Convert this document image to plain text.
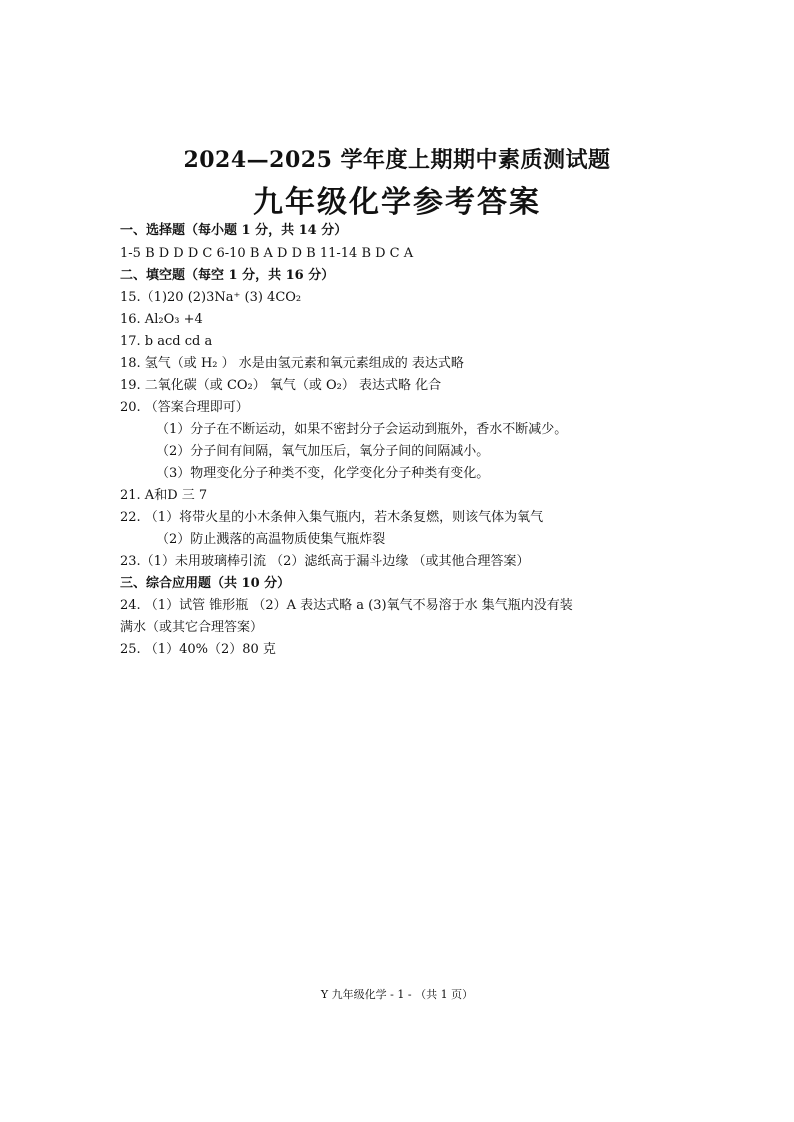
2024—2025 学年度上期期中素质测试题
九年级化学参考答案
一、选择题（每小题 1 分，共 14 分）
1-5 B D D D C 6-10 B A D D B 11-14 B D C A
二、填空题（每空 1 分，共 16 分）
15.（1)20 (2)3Na⁺ (3) 4CO₂
16. Al₂O₃ +4
17. b acd cd a
18. 氢气（或 H₂ ） 水是由氢元素和氧元素组成的 表达式略
19. 二氧化碳（或 CO₂） 氧气（或 O₂） 表达式略 化合
20. （答案合理即可）
（1）分子在不断运动，如果不密封分子会运动到瓶外，香水不断减少。
（2）分子间有间隔，氧气加压后，氧分子间的间隔减小。
（3）物理变化分子种类不变，化学变化分子种类有变化。
21. A和D 三 7
22. （1）将带火星的小木条伸入集气瓶内，若木条复燃，则该气体为氧气
（2）防止溅落的高温物质使集气瓶炸裂
23.（1）未用玻璃棒引流 （2）滤纸高于漏斗边缘 （或其他合理答案）
三、综合应用题（共 10 分）
24. （1）试管 锥形瓶 （2）A 表达式略 a (3)氧气不易溶于水 集气瓶内没有装
满水（或其它合理答案）
25. （1）40%（2）80 克
Y 九年级化学 - 1 - （共 1 页）
